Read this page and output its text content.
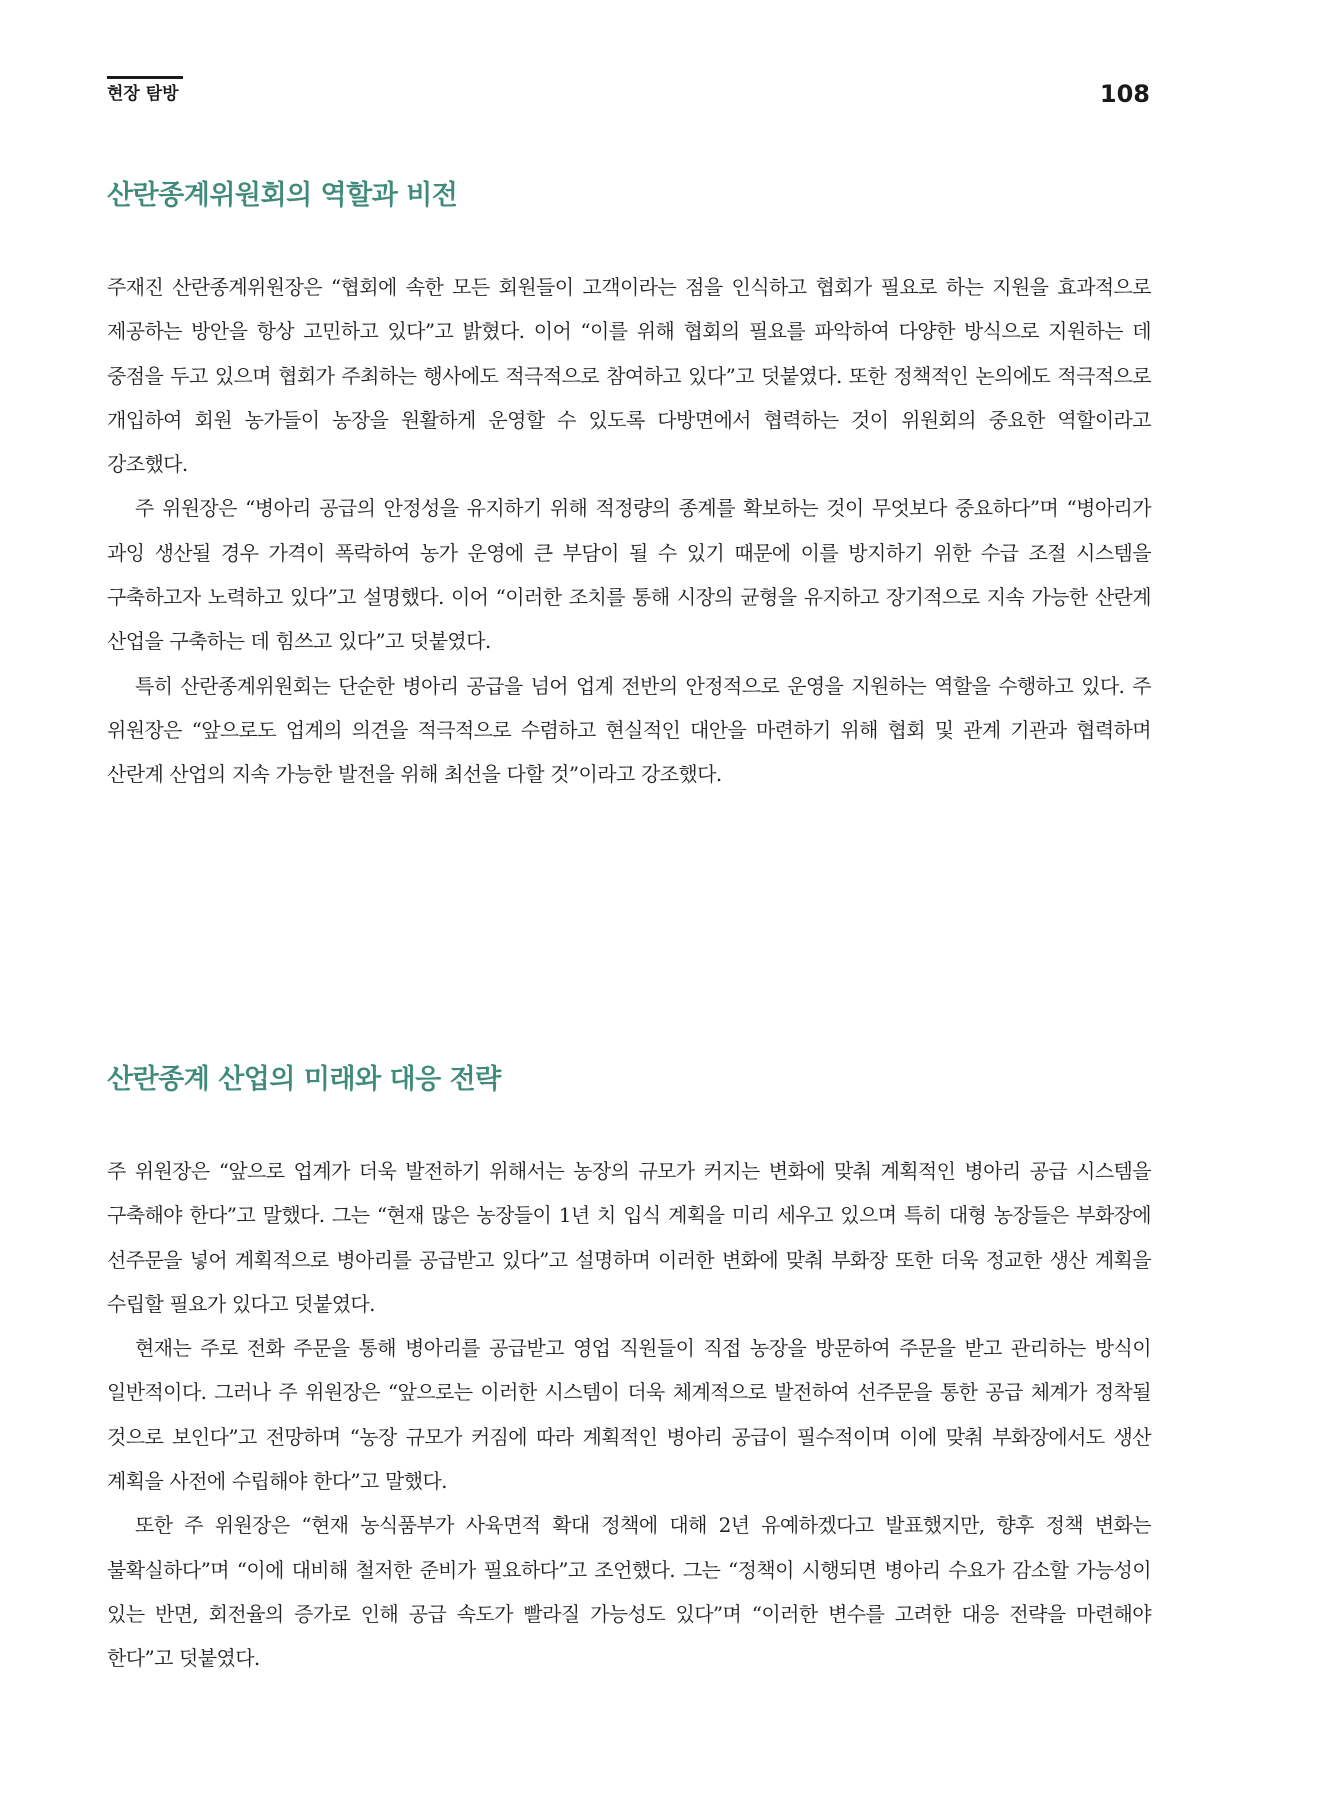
현장 탐방	108
산란종계위원회의 역할과 비전

주재진 산란종계위원장은 “협회에 속한 모든 회원들이 고객이라는 점을 인식하고 협회가 필요로 하는 지원을 효과적으로 제공하는 방안을 항상 고민하고 있다”고 밝혔다. 이어 “이를 위해 협회의 필요를 파악하여 다양한 방식으로 지원하는 데 중점을 두고 있으며 협회가 주최하는 행사에도 적극적으로 참여하고 있다”고 덧붙였다. 또한 정책적인 논의에도 적극적으로 개입하여 회원 농가들이 농장을 원활하게 운영할 수 있도록 다방면에서 협력하는 것이 위원회의 중요한 역할이라고 강조했다.

주 위원장은 “병아리 공급의 안정성을 유지하기 위해 적정량의 종계를 확보하는 것이 무엇보다 중요하다”며 “병아리가 과잉 생산될 경우 가격이 폭락하여 농가 운영에 큰 부담이 될 수 있기 때문에 이를 방지하기 위한 수급 조절 시스템을 구축하고자 노력하고 있다”고 설명했다. 이어 “이러한 조치를 통해 시장의 균형을 유지하고 장기적으로 지속 가능한 산란계 산업을 구축하는 데 힘쓰고 있다”고 덧붙였다.

특히 산란종계위원회는 단순한 병아리 공급을 넘어 업계 전반의 안정적으로 운영을 지원하는 역할을 수행하고 있다. 주 위원장은 “앞으로도 업계의 의견을 적극적으로 수렴하고 현실적인 대안을 마련하기 위해 협회 및 관계 기관과 협력하며 산란계 산업의 지속 가능한 발전을 위해 최선을 다할 것”이라고 강조했다.

산란종계 산업의 미래와 대응 전략

주 위원장은 “앞으로 업계가 더욱 발전하기 위해서는 농장의 규모가 커지는 변화에 맞춰 계획적인 병아리 공급 시스템을 구축해야 한다”고 말했다. 그는 “현재 많은 농장들이 1년 치 입식 계획을 미리 세우고 있으며 특히 대형 농장들은 부화장에 선주문을 넣어 계획적으로 병아리를 공급받고 있다”고 설명하며 이러한 변화에 맞춰 부화장 또한 더욱 정교한 생산 계획을 수립할 필요가 있다고 덧붙였다.

현재는 주로 전화 주문을 통해 병아리를 공급받고 영업 직원들이 직접 농장을 방문하여 주문을 받고 관리하는 방식이 일반적이다. 그러나 주 위원장은 “앞으로는 이러한 시스템이 더욱 체계적으로 발전하여 선주문을 통한 공급 체계가 정착될 것으로 보인다”고 전망하며 “농장 규모가 커짐에 따라 계획적인 병아리 공급이 필수적이며 이에 맞춰 부화장에서도 생산 계획을 사전에 수립해야 한다”고 말했다.

또한 주 위원장은 “현재 농식품부가 사육면적 확대 정책에 대해 2년 유예하겠다고 발표했지만, 향후 정책 변화는 불확실하다”며 “이에 대비해 철저한 준비가 필요하다”고 조언했다. 그는 “정책이 시행되면 병아리 수요가 감소할 가능성이 있는 반면, 회전율의 증가로 인해 공급 속도가 빨라질 가능성도 있다”며 “이러한 변수를 고려한 대응 전략을 마련해야 한다”고 덧붙였다.
